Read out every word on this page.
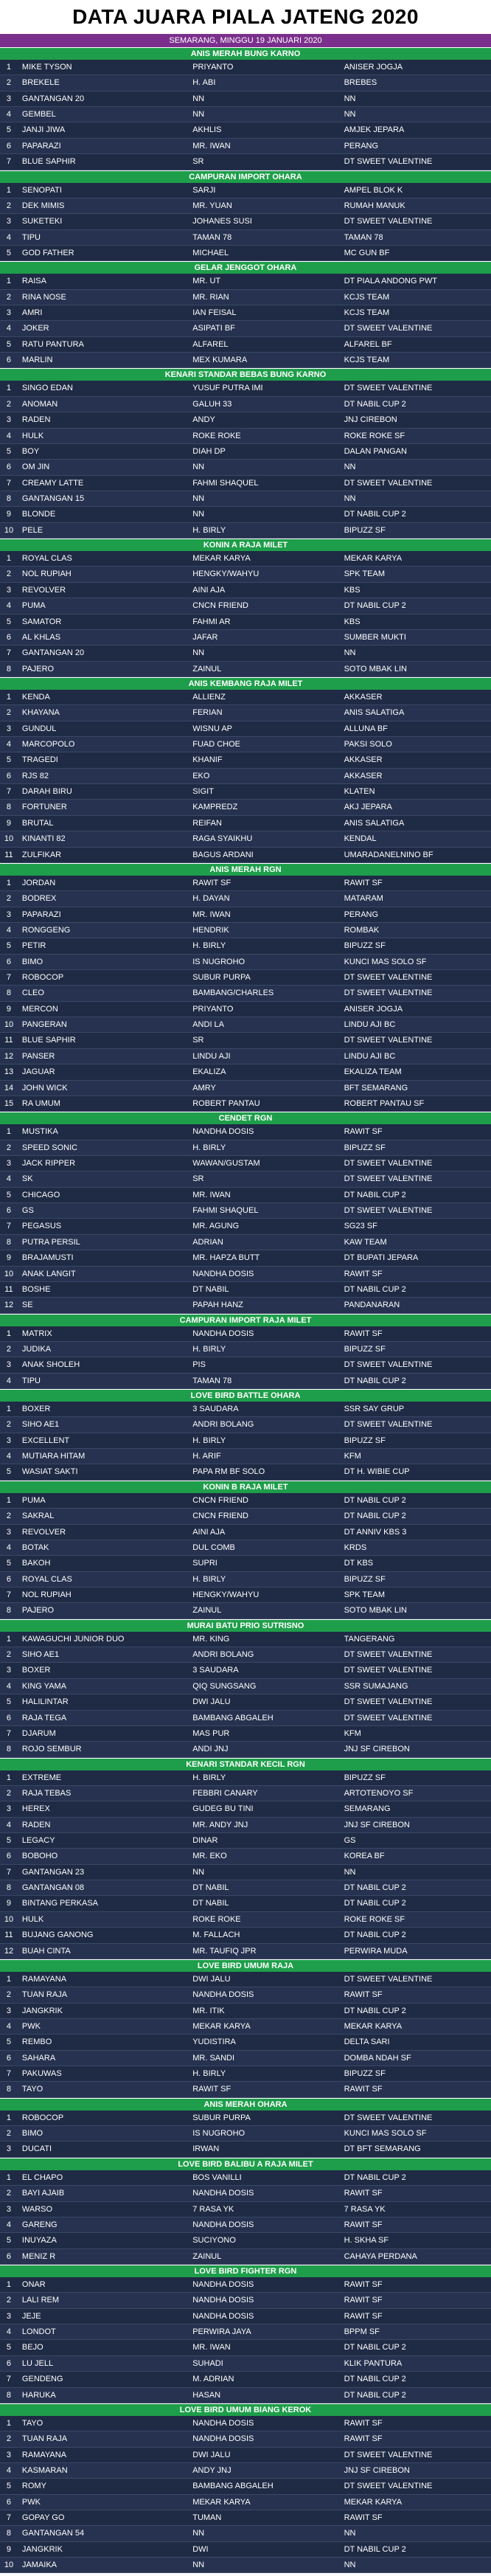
DATA JUARA PIALA JATENG 2020
SEMARANG, MINGGU 19 JANUARI 2020
ANIS MERAH BUNG KARNO
1	MIKE TYSON	PRIYANTO	ANISER JOGJA
2	BREKELE	H. ABI	BREBES
3	GANTANGAN 20	NN	NN
4	GEMBEL	NN	NN
5	JANJI JIWA	AKHLIS	AMJEK JEPARA
6	PAPARAZI	MR. IWAN	PERANG
7	BLUE SAPHIR	SR	DT SWEET VALENTINE
CAMPURAN IMPORT OHARA
1	SENOPATI	SARJI	AMPEL BLOK K
2	DEK MIMIS	MR. YUAN	RUMAH MANUK
3	SUKETEKI	JOHANES SUSI	DT SWEET VALENTINE
4	TIPU	TAMAN 78	TAMAN 78
5	GOD FATHER	MICHAEL	MC GUN BF
GELAR JENGGOT OHARA
1	RAISA	MR. UT	DT PIALA ANDONG PWT
2	RINA NOSE	MR. RIAN	KCJS TEAM
3	AMRI	IAN FEISAL	KCJS TEAM
4	JOKER	ASIPATI BF	DT SWEET VALENTINE
5	RATU PANTURA	ALFAREL	ALFAREL BF
6	MARLIN	MEX KUMARA	KCJS TEAM
KENARI STANDAR BEBAS BUNG KARNO
1	SINGO EDAN	YUSUF PUTRA IMI	DT SWEET VALENTINE
2	ANOMAN	GALUH 33	DT NABIL CUP 2
3	RADEN	ANDY	JNJ CIREBON
4	HULK	ROKE ROKE	ROKE ROKE SF
5	BOY	DIAH DP	DALAN PANGAN
6	OM JIN	NN	NN
7	CREAMY LATTE	FAHMI SHAQUEL	DT SWEET VALENTINE
8	GANTANGAN 15	NN	NN
9	BLONDE	NN	DT NABIL CUP 2
10	PELE	H. BIRLY	BIPUZZ SF
KONIN A RAJA MILET
1	ROYAL CLAS	MEKAR KARYA	MEKAR KARYA
2	NOL RUPIAH	HENGKY/WAHYU	SPK TEAM
3	REVOLVER	AINI AJA	KBS
4	PUMA	CNCN FRIEND	DT NABIL CUP 2
5	SAMATOR	FAHMI AR	KBS
6	AL KHLAS	JAFAR	SUMBER MUKTI
7	GANTANGAN 20	NN	NN
8	PAJERO	ZAINUL	SOTO MBAK LIN
ANIS KEMBANG RAJA MILET
1	KENDA	ALLIENZ	AKKASER
2	KHAYANA	FERIAN	ANIS SALATIGA
3	GUNDUL	WISNU AP	ALLUNA BF
4	MARCOPOLO	FUAD CHOE	PAKSI SOLO
5	TRAGEDI	KHANIF	AKKASER
6	RJS 82	EKO	AKKASER
7	DARAH BIRU	SIGIT	KLATEN
8	FORTUNER	KAMPREDZ	AKJ JEPARA
9	BRUTAL	REIFAN	ANIS SALATIGA
10	KINANTI 82	RAGA SYAIKHU	KENDAL
11	ZULFIKAR	BAGUS ARDANI	UMARADANELNINO BF
ANIS MERAH RGN
1	JORDAN	RAWIT SF	RAWIT SF
2	BODREX	H. DAYAN	MATARAM
3	PAPARAZI	MR. IWAN	PERANG
4	RONGGENG	HENDRIK	ROMBAK
5	PETIR	H. BIRLY	BIPUZZ SF
6	BIMO	IS NUGROHO	KUNCI MAS SOLO SF
7	ROBOCOP	SUBUR PURPA	DT SWEET VALENTINE
8	CLEO	BAMBANG/CHARLES	DT SWEET VALENTINE
9	MERCON	PRIYANTO	ANISER JOGJA
10	PANGERAN	ANDI LA	LINDU AJI BC
11	BLUE SAPHIR	SR	DT SWEET VALENTINE
12	PANSER	LINDU AJI	LINDU AJI BC
13	JAGUAR	EKALIZA	EKALIZA TEAM
14	JOHN WICK	AMRY	BFT SEMARANG
15	RA UMUM	ROBERT PANTAU	ROBERT PANTAU SF
CENDET RGN
1	MUSTIKA	NANDHA DOSIS	RAWIT SF
2	SPEED SONIC	H. BIRLY	BIPUZZ SF
3	JACK RIPPER	WAWAN/GUSTAM	DT SWEET VALENTINE
4	SK	SR	DT SWEET VALENTINE
5	CHICAGO	MR. IWAN	DT NABIL CUP 2
6	GS	FAHMI SHAQUEL	DT SWEET VALENTINE
7	PEGASUS	MR. AGUNG	SG23 SF
8	PUTRA PERSIL	ADRIAN	KAW TEAM
9	BRAJAMUSTI	MR. HAPZA BUTT	DT BUPATI JEPARA
10	ANAK LANGIT	NANDHA DOSIS	RAWIT SF
11	BOSHE	DT NABIL	DT NABIL CUP 2
12	SE	PAPAH HANZ	PANDANARAN
CAMPURAN IMPORT RAJA MILET
1	MATRIX	NANDHA DOSIS	RAWIT SF
2	JUDIKA	H. BIRLY	BIPUZZ SF
3	ANAK SHOLEH	PIS	DT SWEET VALENTINE
4	TIPU	TAMAN 78	DT NABIL CUP 2
LOVE BIRD BATTLE OHARA
1	BOXER	3 SAUDARA	SSR SAY GRUP
2	SIHO AE1	ANDRI BOLANG	DT SWEET VALENTINE
3	EXCELLENT	H. BIRLY	BIPUZZ SF
4	MUTIARA HITAM	H. ARIF	KFM
5	WASIAT SAKTI	PAPA RM BF SOLO	DT H. WIBIE CUP
KONIN B RAJA MILET
1	PUMA	CNCN FRIEND	DT NABIL CUP 2
2	SAKRAL	CNCN FRIEND	DT NABIL CUP 2
3	REVOLVER	AINI AJA	DT ANNIV KBS 3
4	BOTAK	DUL COMB	KRDS
5	BAKOH	SUPRI	DT KBS
6	ROYAL CLAS	H. BIRLY	BIPUZZ SF
7	NOL RUPIAH	HENGKY/WAHYU	SPK TEAM
8	PAJERO	ZAINUL	SOTO MBAK LIN
MURAI BATU PRIO SUTRISNO
1	KAWAGUCHI JUNIOR DUO	MR. KING	TANGERANG
2	SIHO AE1	ANDRI BOLANG	DT SWEET VALENTINE
3	BOXER	3 SAUDARA	DT SWEET VALENTINE
4	KING YAMA	QIQ SUNGSANG	SSR SUMAJANG
5	HALILINTAR	DWI JALU	DT SWEET VALENTINE
6	RAJA TEGA	BAMBANG ABGALEH	DT SWEET VALENTINE
7	DJARUM	MAS PUR	KFM
8	ROJO SEMBUR	ANDI JNJ	JNJ SF CIREBON
KENARI STANDAR KECIL RGN
1	EXTREME	H. BIRLY	BIPUZZ SF
2	RAJA TEBAS	FEBBRI CANARY	ARTOTENOYO SF
3	HEREX	GUDEG BU TINI	SEMARANG
4	RADEN	MR. ANDY JNJ	JNJ SF CIREBON
5	LEGACY	DINAR	GS
6	BOBOHO	MR. EKO	KOREA BF
7	GANTANGAN 23	NN	NN
8	GANTANGAN 08	DT NABIL	DT NABIL CUP 2
9	BINTANG PERKASA	DT NABIL	DT NABIL CUP 2
10	HULK	ROKE ROKE	ROKE ROKE SF
11	BUJANG GANONG	M. FALLACH	DT NABIL CUP 2
12	BUAH CINTA	MR. TAUFIQ JPR	PERWIRA MUDA
LOVE BIRD UMUM RAJA
1	RAMAYANA	DWI JALU	DT SWEET VALENTINE
2	TUAN RAJA	NANDHA DOSIS	RAWIT SF
3	JANGKRIK	MR. ITIK	DT NABIL CUP 2
4	PWK	MEKAR KARYA	MEKAR KARYA
5	REMBO	YUDISTIRA	DELTA SARI
6	SAHARA	MR. SANDI	DOMBA NDAH SF
7	PAKUWAS	H. BIRLY	BIPUZZ SF
8	TAYO	RAWIT SF	RAWIT SF
ANIS MERAH OHARA
1	ROBOCOP	SUBUR PURPA	DT SWEET VALENTINE
2	BIMO	IS NUGROHO	KUNCI MAS SOLO SF
3	DUCATI	IRWAN	DT BFT SEMARANG
LOVE BIRD BALIBU A RAJA MILET
1	EL CHAPO	BOS VANILLI	DT NABIL CUP 2
2	BAYI AJAIB	NANDHA DOSIS	RAWIT SF
3	WARSO	7 RASA YK	7 RASA YK
4	GARENG	NANDHA DOSIS	RAWIT SF
5	INUYAZA	SUCIYONO	H. SKHA SF
6	MENIZ R	ZAINUL	CAHAYA PERDANA
LOVE BIRD FIGHTER RGN
1	ONAR	NANDHA DOSIS	RAWIT SF
2	LALI REM	NANDHA DOSIS	RAWIT SF
3	JEJE	NANDHA DOSIS	RAWIT SF
4	LONDOT	PERWIRA JAYA	BPPM SF
5	BEJO	MR. IWAN	DT NABIL CUP 2
6	LU JELL	SUHADI	KLIK PANTURA
7	GENDENG	M. ADRIAN	DT NABIL CUP 2
8	HARUKA	HASAN	DT NABIL CUP 2
LOVE BIRD UMUM BIANG KEROK
1	TAYO	NANDHA DOSIS	RAWIT SF
2	TUAN RAJA	NANDHA DOSIS	RAWIT SF
3	RAMAYANA	DWI JALU	DT SWEET VALENTINE
4	KASMARAN	ANDY JNJ	JNJ SF CIREBON
5	ROMY	BAMBANG ABGALEH	DT SWEET VALENTINE
6	PWK	MEKAR KARYA	MEKAR KARYA
7	GOPAY GO	TUMAN	RAWIT SF
8	GANTANGAN 54	NN	NN
9	JANGKRIK	DWI	DT NABIL CUP 2
10	JAMAIKA	NN	NN
